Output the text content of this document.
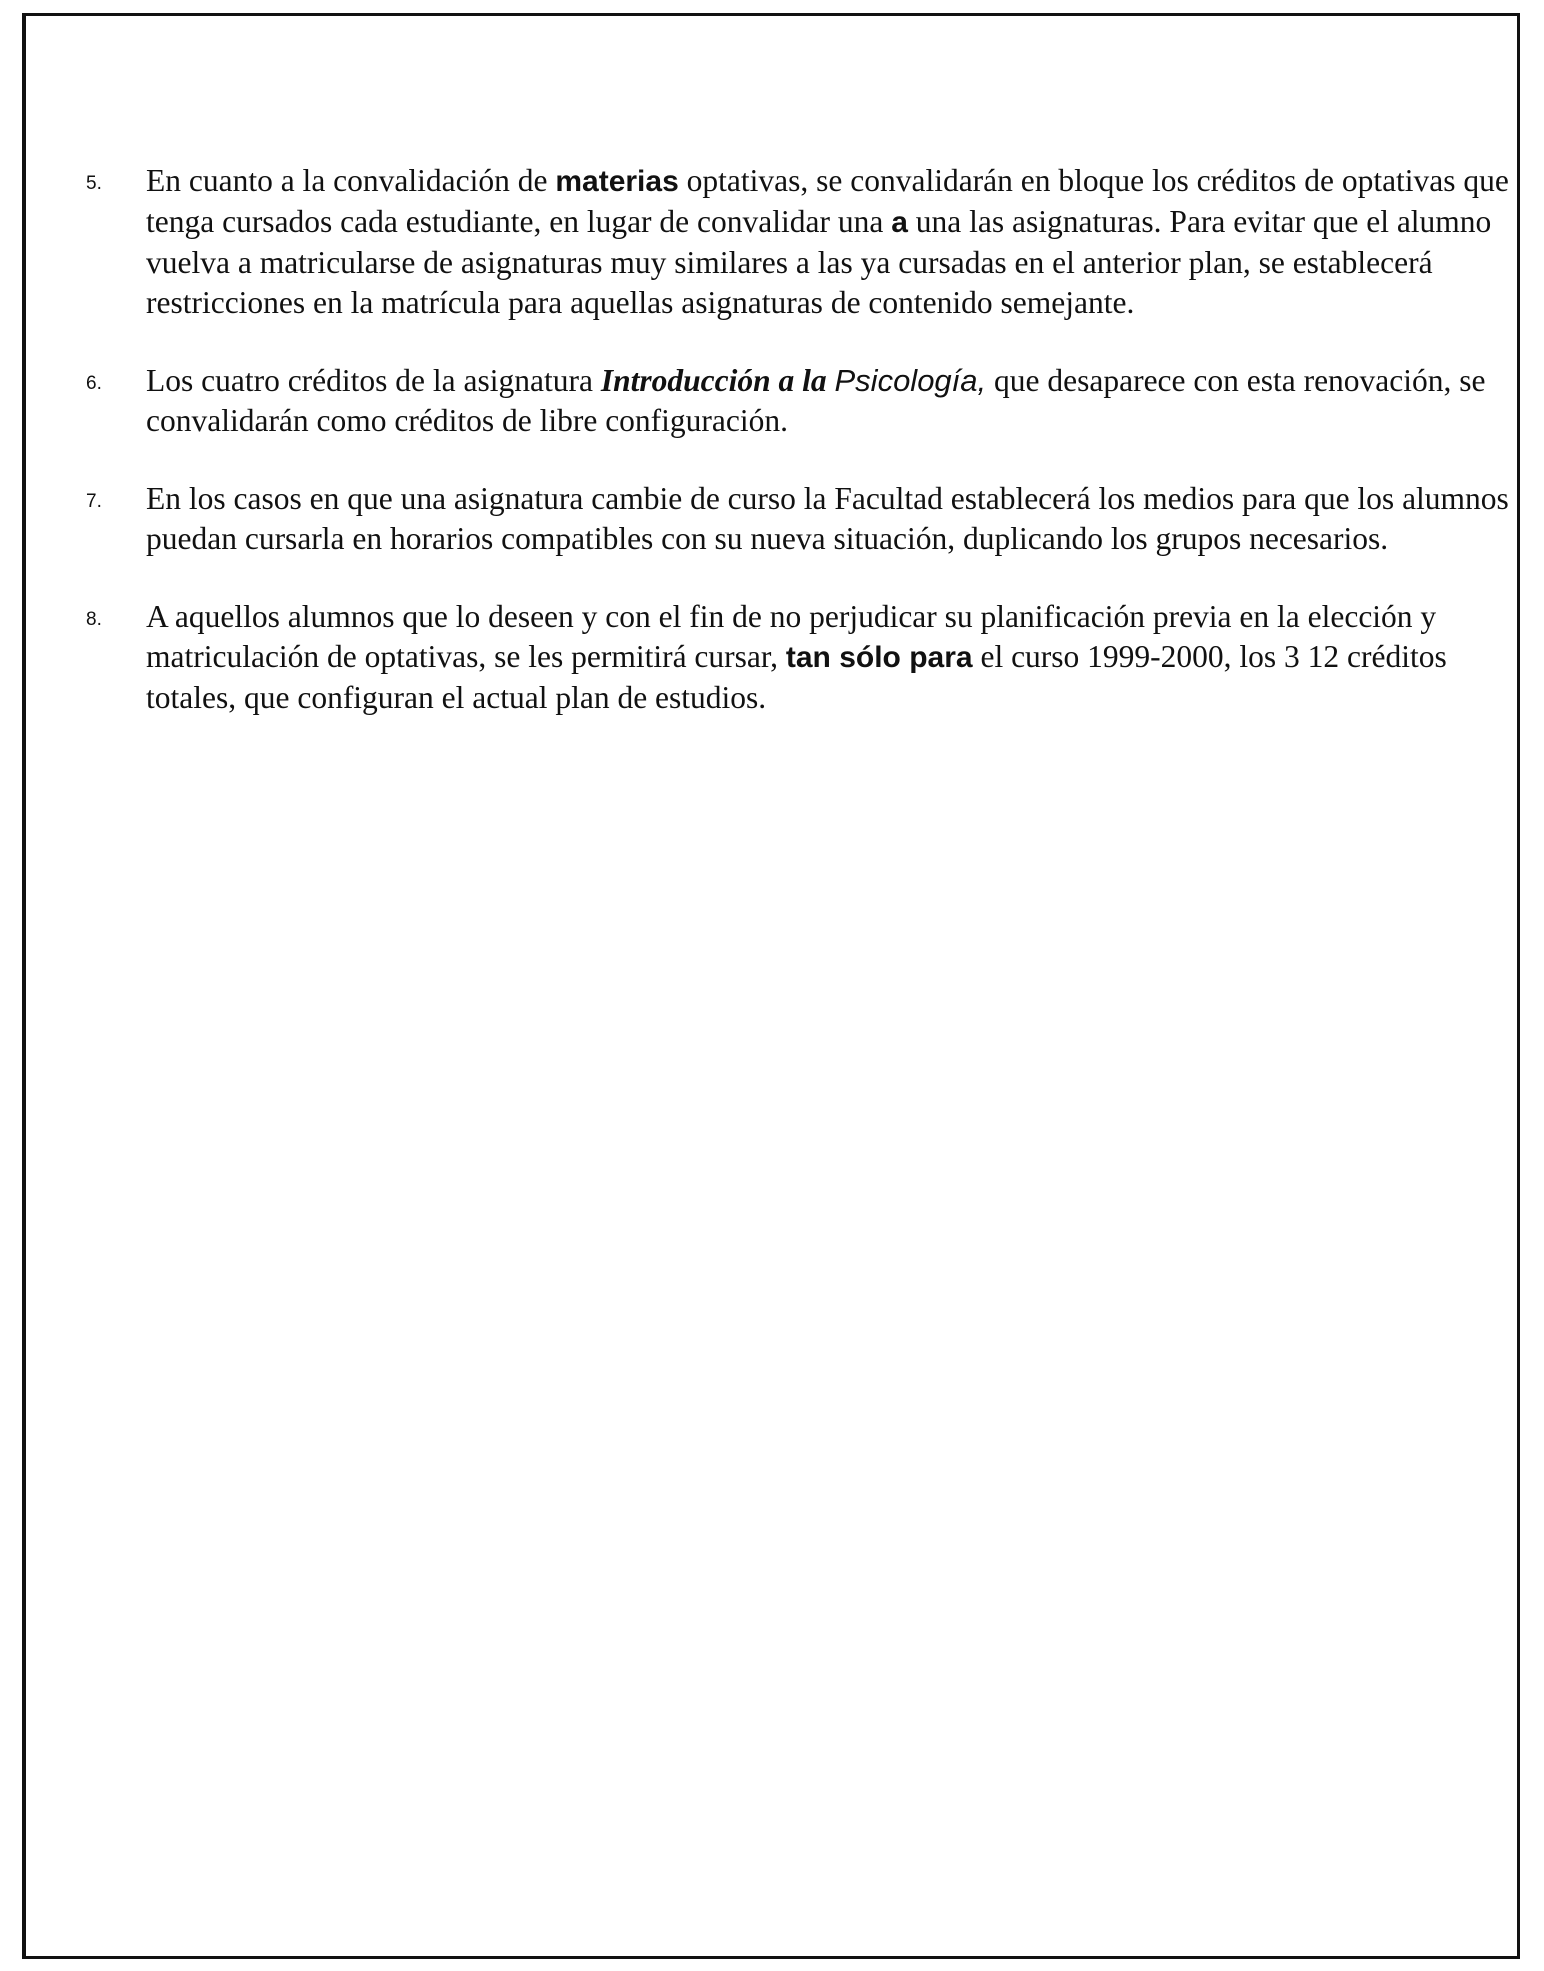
5.	En cuanto a la convalidación de materias optativas, se convalidarán en bloque los créditos de optativas que tenga cursados cada estudiante, en lugar de convalidar una a una las asignaturas. Para evitar que el alumno vuelva a matricularse de asignaturas muy similares a las ya cursadas en el anterior plan, se establecerá restricciones en la matrícula para aquellas asignaturas de contenido semejante.

6.	Los cuatro créditos de la asignatura Introducción a la Psicología, que desaparece con esta renovación, se convalidarán como créditos de libre configuración.

7.	En los casos en que una asignatura cambie de curso la Facultad establecerá los medios para que los alumnos puedan cursarla en horarios compatibles con su nueva situación, duplicando los grupos necesarios.

8.	A aquellos alumnos que lo deseen y con el fin de no perjudicar su planificación previa en la elección y matriculación de optativas, se les permitirá cursar, tan sólo para el curso 1999-2000, los 3 12 créditos totales, que configuran el actual plan de estudios.
